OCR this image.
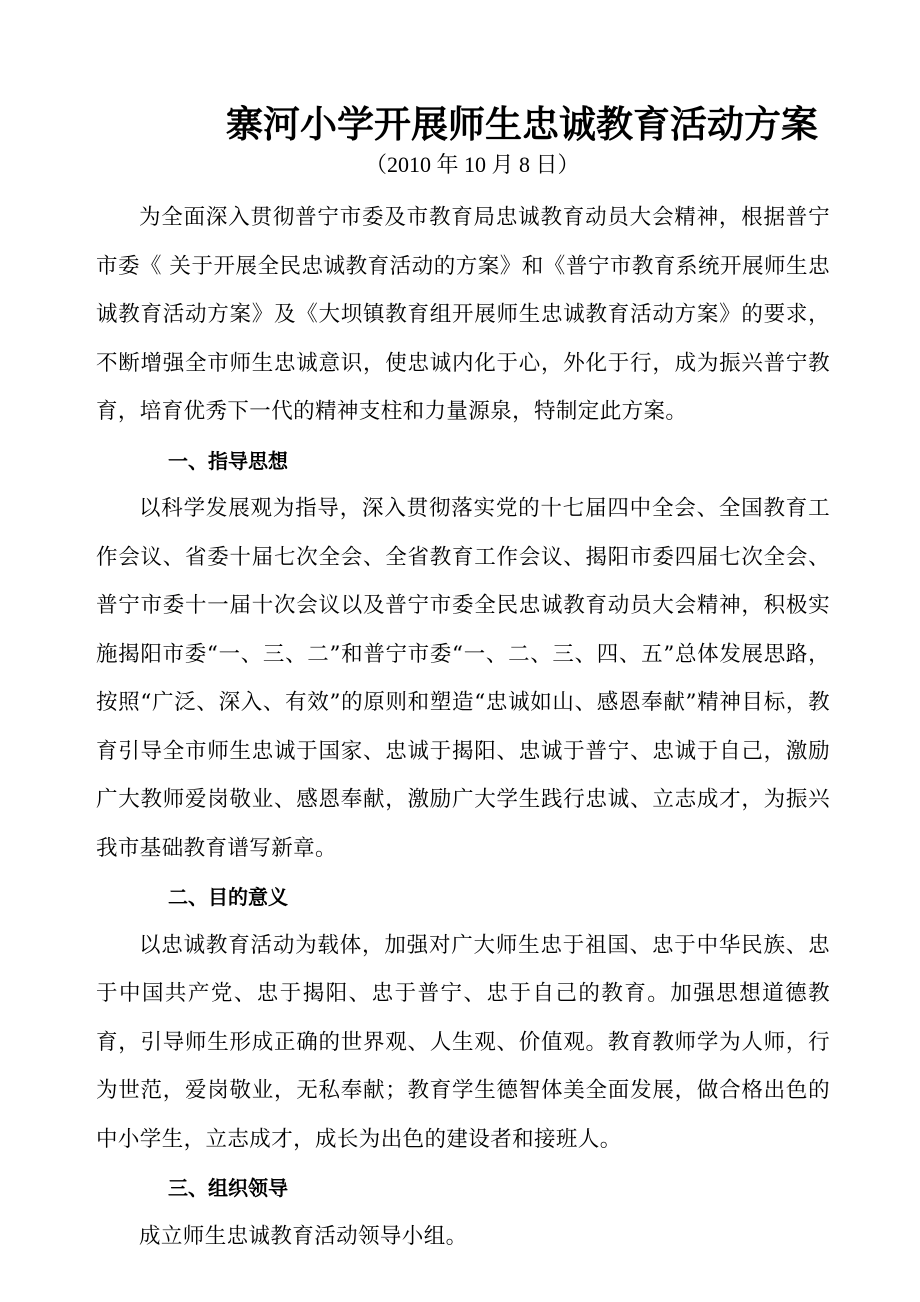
寨河小学开展师生忠诚教育活动方案
（2010 年 10 月 8 日）

为全面深入贯彻普宁市委及市教育局忠诚教育动员大会精神，根据普宁市委《 关于开展全民忠诚教育活动的方案》和《普宁市教育系统开展师生忠诚教育活动方案》及《大坝镇教育组开展师生忠诚教育活动方案》的要求，不断增强全市师生忠诚意识，使忠诚内化于心，外化于行，成为振兴普宁教育，培育优秀下一代的精神支柱和力量源泉，特制定此方案。

一、指导思想

以科学发展观为指导，深入贯彻落实党的十七届四中全会、全国教育工作会议、省委十届七次全会、全省教育工作会议、揭阳市委四届七次全会、普宁市委十一届十次会议以及普宁市委全民忠诚教育动员大会精神，积极实施揭阳市委“一、三、二”和普宁市委“一、二、三、四、五”总体发展思路，按照“广泛、深入、有效”的原则和塑造“忠诚如山、感恩奉献”精神目标，教育引导全市师生忠诚于国家、忠诚于揭阳、忠诚于普宁、忠诚于自己，激励广大教师爱岗敬业、感恩奉献，激励广大学生践行忠诚、立志成才，为振兴我市基础教育谱写新章。

二、目的意义

以忠诚教育活动为载体，加强对广大师生忠于祖国、忠于中华民族、忠于中国共产党、忠于揭阳、忠于普宁、忠于自己的教育。加强思想道德教育，引导师生形成正确的世界观、人生观、价值观。教育教师学为人师，行为世范，爱岗敬业，无私奉献；教育学生德智体美全面发展，做合格出色的中小学生，立志成才，成长为出色的建设者和接班人。

三、组织领导

成立师生忠诚教育活动领导小组。
